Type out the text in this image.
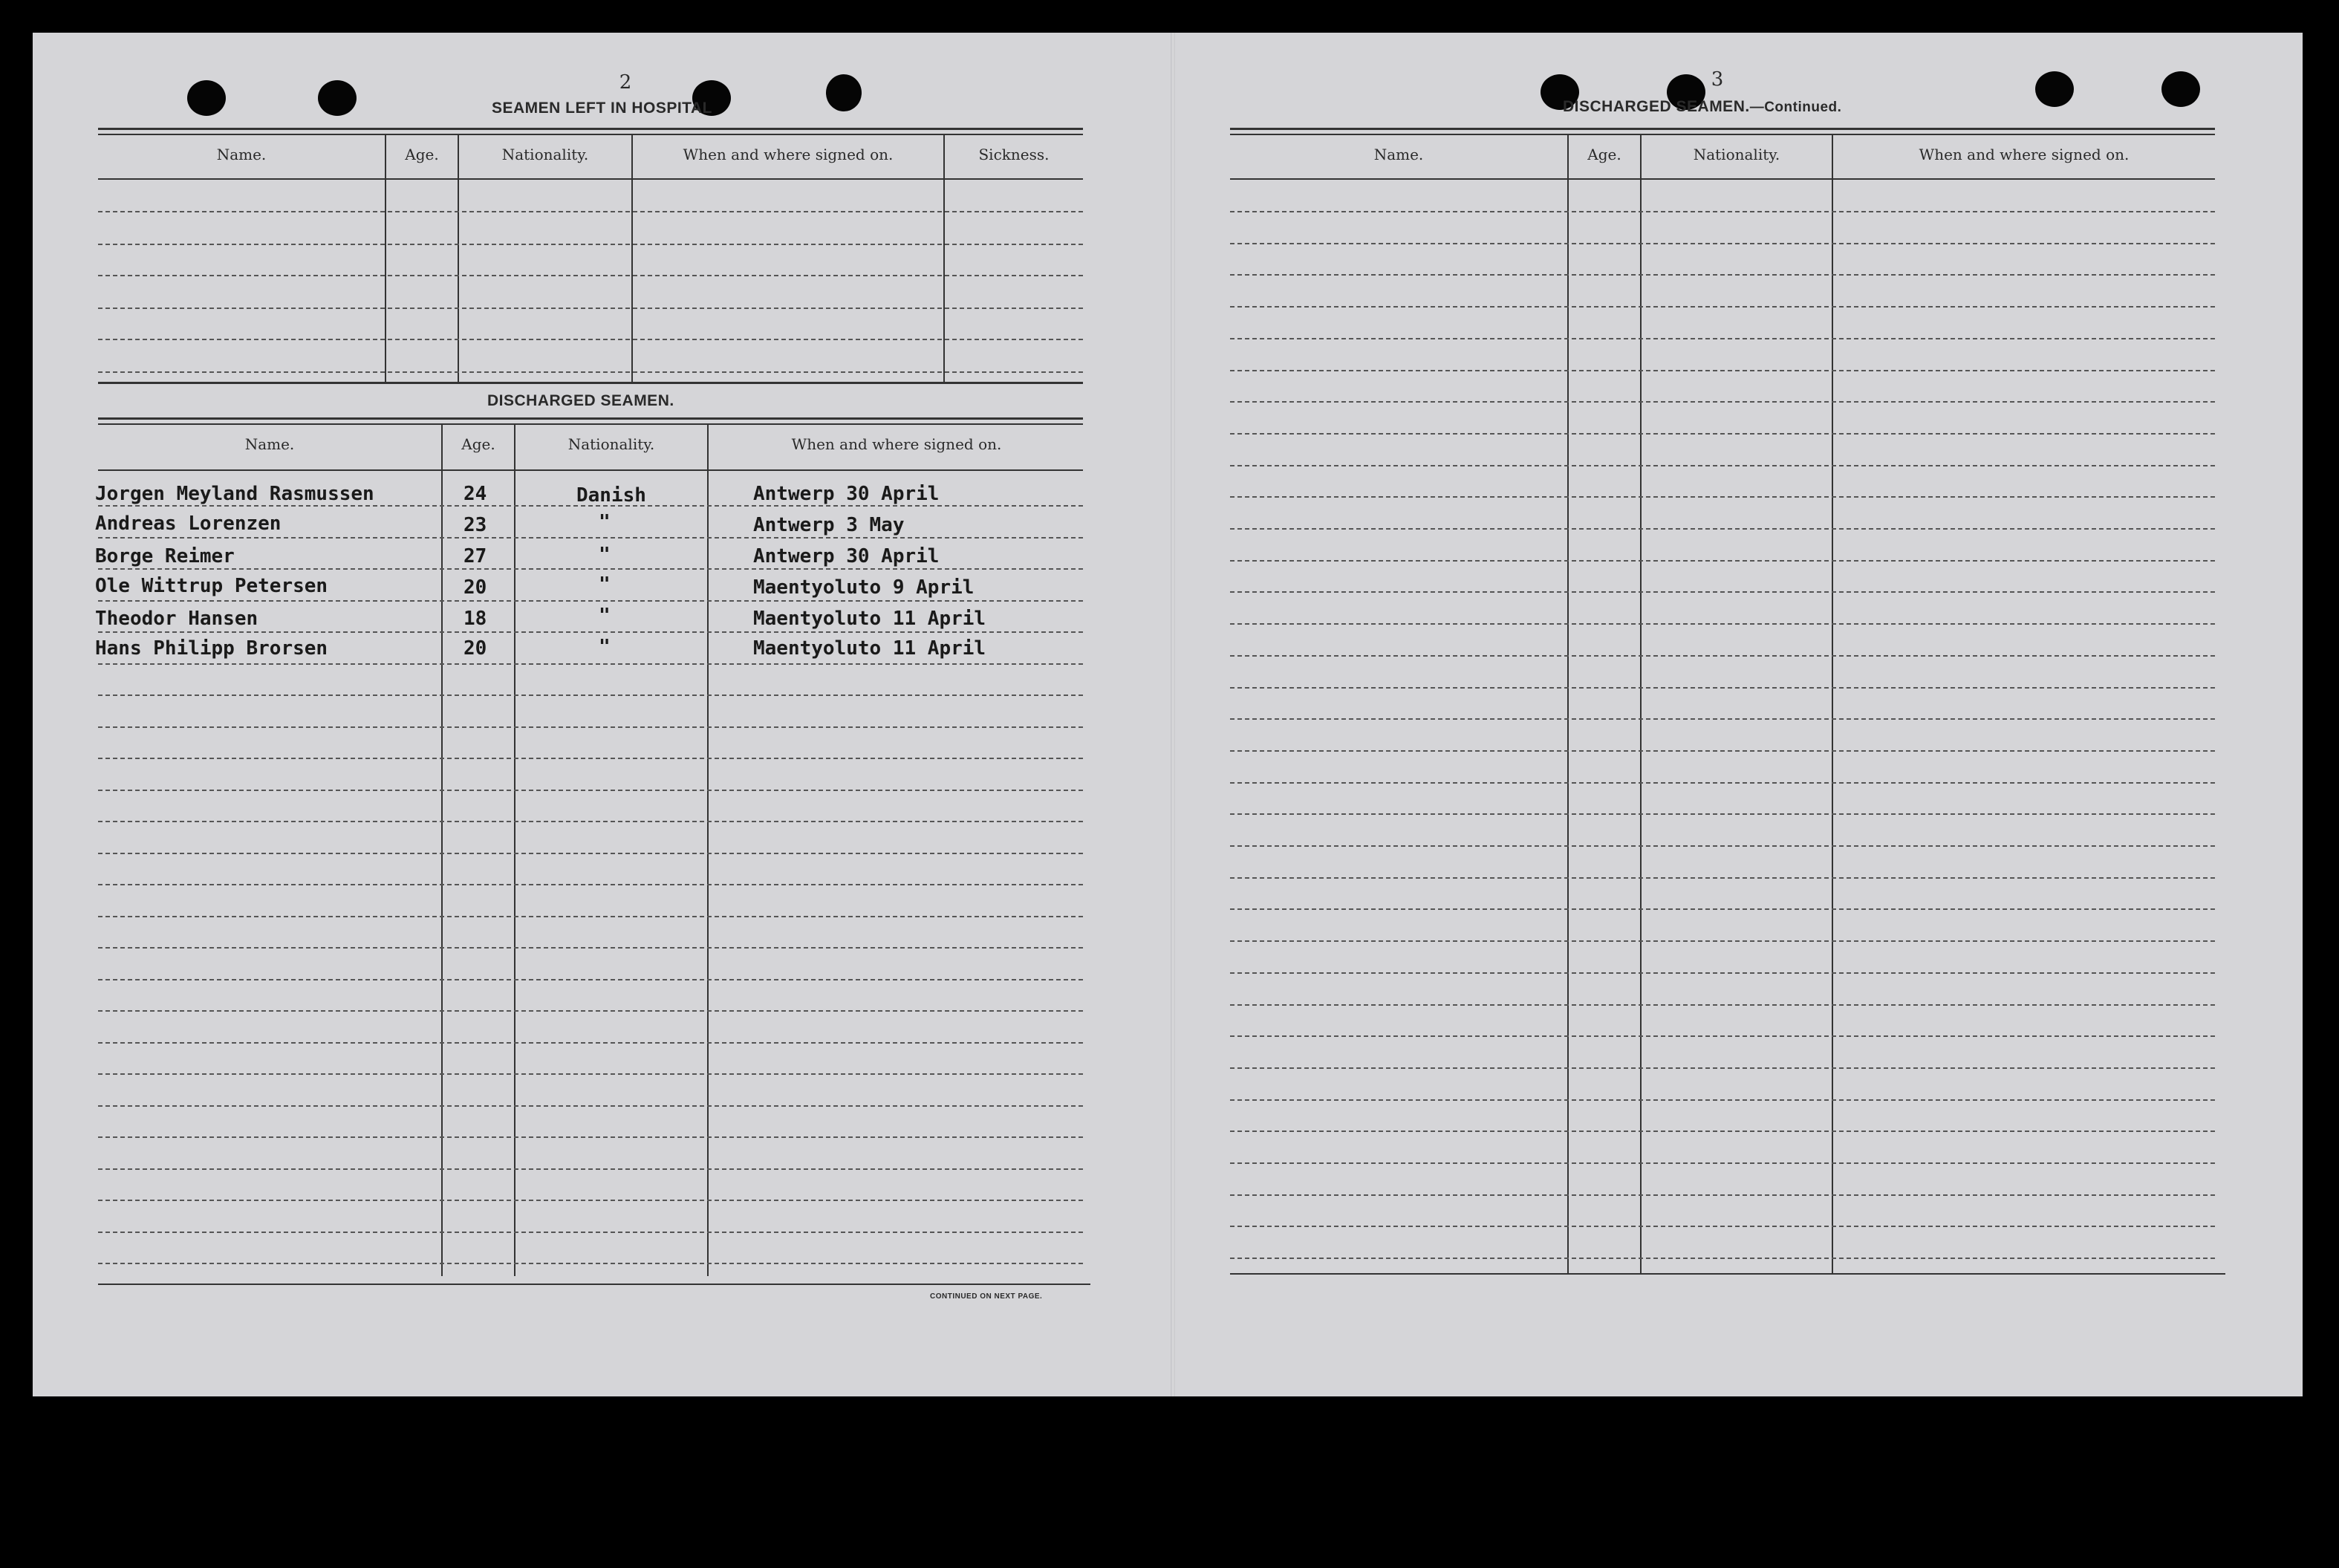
2
SEAMEN LEFT IN HOSPITAL
Name.	Age.	Nationality.	When and where signed on.	Sickness.
DISCHARGED SEAMEN.
Name.	Age.	Nationality.	When and where signed on.
Jorgen Meyland Rasmussen	24	Danish	Antwerp 30 April
Andreas Lorenzen	23	"	Antwerp 3 May
Borge Reimer	27	"	Antwerp 30 April
Ole Wittrup Petersen	20	"	Maentyoluto 9 April
Theodor Hansen	18	"	Maentyoluto 11 April
Hans Philipp Brorsen	20	"	Maentyoluto 11 April
CONTINUED ON NEXT PAGE.
3
DISCHARGED SEAMEN.—Continued.
Name.	Age.	Nationality.	When and where signed on.
